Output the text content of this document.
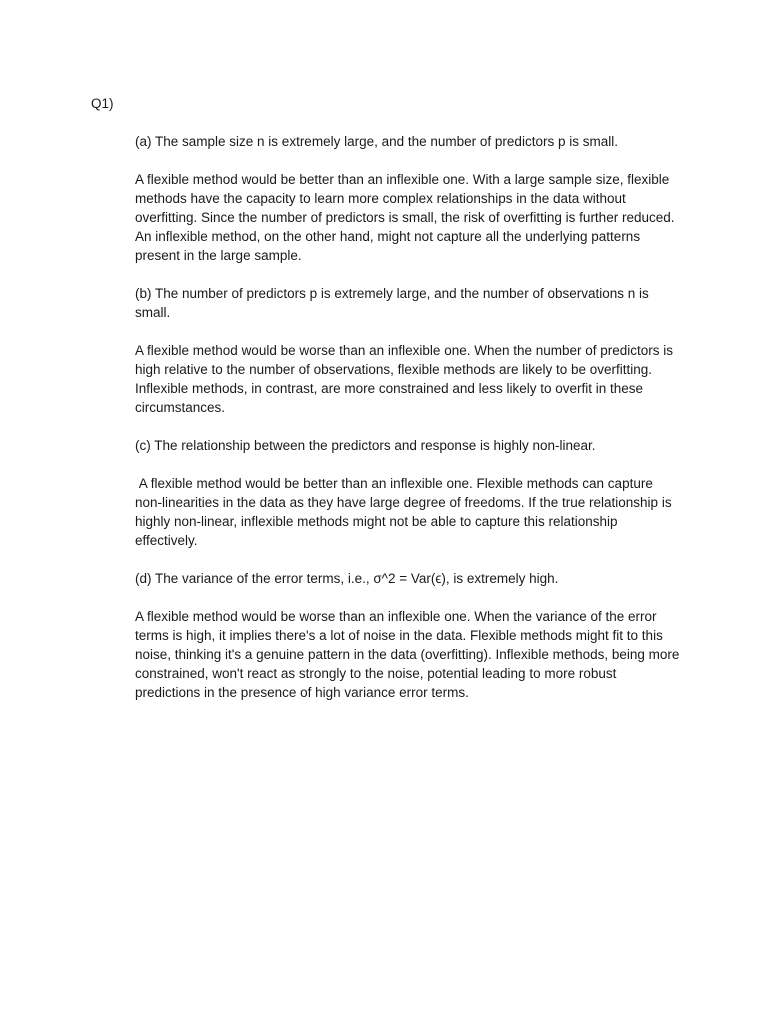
Q1)

(a) The sample size n is extremely large, and the number of predictors p is small.

A flexible method would be better than an inflexible one. With a large sample size, flexible methods have the capacity to learn more complex relationships in the data without overfitting. Since the number of predictors is small, the risk of overfitting is further reduced. An inflexible method, on the other hand, might not capture all the underlying patterns present in the large sample.

(b) The number of predictors p is extremely large, and the number of observations n is small.

A flexible method would be worse than an inflexible one. When the number of predictors is high relative to the number of observations, flexible methods are likely to be overfitting. Inflexible methods, in contrast, are more constrained and less likely to overfit in these circumstances.

(c) The relationship between the predictors and response is highly non-linear.

A flexible method would be better than an inflexible one. Flexible methods can capture non-linearities in the data as they have large degree of freedoms. If the true relationship is highly non-linear, inflexible methods might not be able to capture this relationship effectively.

(d) The variance of the error terms, i.e., σ^2 = Var(ϵ), is extremely high.

A flexible method would be worse than an inflexible one. When the variance of the error terms is high, it implies there's a lot of noise in the data. Flexible methods might fit to this noise, thinking it's a genuine pattern in the data (overfitting). Inflexible methods, being more constrained, won't react as strongly to the noise, potential leading to more robust predictions in the presence of high variance error terms.
